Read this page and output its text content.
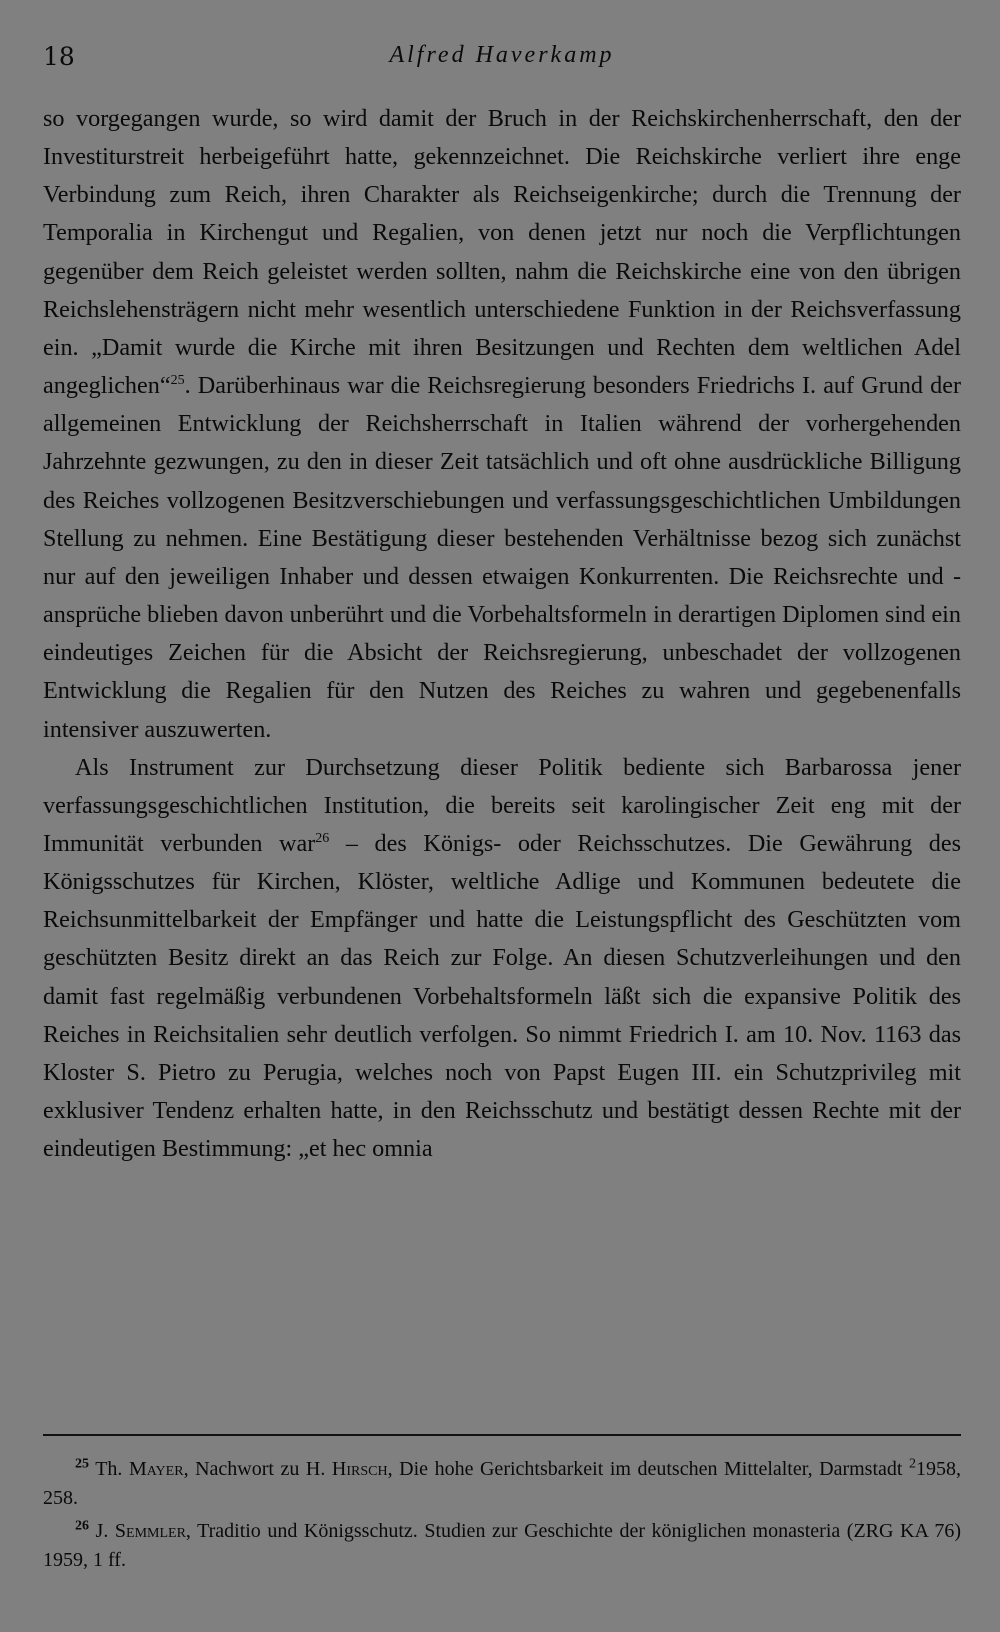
18	Alfred Haverkamp

so vorgegangen wurde, so wird damit der Bruch in der Reichskirchenherrschaft, den der Investiturstreit herbeigeführt hatte, gekennzeichnet. Die Reichskirche verliert ihre enge Verbindung zum Reich, ihren Charakter als Reichseigenkirche; durch die Trennung der Temporalia in Kirchengut und Regalien, von denen jetzt nur noch die Verpflichtungen gegenüber dem Reich geleistet werden sollten, nahm die Reichskirche eine von den übrigen Reichslehensträgern nicht mehr wesentlich unterschiedene Funktion in der Reichsverfassung ein. „Damit wurde die Kirche mit ihren Besitzungen und Rechten dem weltlichen Adel angeglichen“$^{25}$. Darüberhinaus war die Reichsregierung besonders Friedrichs I. auf Grund der allgemeinen Entwicklung der Reichsherrschaft in Italien während der vorhergehenden Jahrzehnte gezwungen, zu den in dieser Zeit tatsächlich und oft ohne ausdrückliche Billigung des Reiches vollzogenen Besitzverschiebungen und verfassungsgeschichtlichen Umbildungen Stellung zu nehmen. Eine Bestätigung dieser bestehenden Verhältnisse bezog sich zunächst nur auf den jeweiligen Inhaber und dessen etwaigen Konkurrenten. Die Reichsrechte und -ansprüche blieben davon unberührt und die Vorbehaltsformeln in derartigen Diplomen sind ein eindeutiges Zeichen für die Absicht der Reichsregierung, unbeschadet der vollzogenen Entwicklung die Regalien für den Nutzen des Reiches zu wahren und gegebenenfalls intensiver auszuwerten.

Als Instrument zur Durchsetzung dieser Politik bediente sich Barbarossa jener verfassungsgeschichtlichen Institution, die bereits seit karolingischer Zeit eng mit der Immunität verbunden war$^{26}$ – des Königs- oder Reichsschutzes. Die Gewährung des Königsschutzes für Kirchen, Klöster, weltliche Adlige und Kommunen bedeutete die Reichsunmittelbarkeit der Empfänger und hatte die Leistungspflicht des Geschützten vom geschützten Besitz direkt an das Reich zur Folge. An diesen Schutzverleihungen und den damit fast regelmäßig verbundenen Vorbehaltsformeln läßt sich die expansive Politik des Reiches in Reichsitalien sehr deutlich verfolgen. So nimmt Friedrich I. am 10. Nov. 1163 das Kloster S. Pietro zu Perugia, welches noch von Papst Eugen III. ein Schutzprivileg mit exklusiver Tendenz erhalten hatte, in den Reichsschutz und bestätigt dessen Rechte mit der eindeutigen Bestimmung: „et hec omnia

$^{25}$ Th. Mayer, Nachwort zu H. Hirsch, Die hohe Gerichtsbarkeit im deutschen Mittelalter, Darmstadt $^2$1958, 258.

$^{26}$ J. Semmler, Traditio und Königsschutz. Studien zur Geschichte der königlichen monasteria (ZRG KA 76) 1959, 1 ff.
